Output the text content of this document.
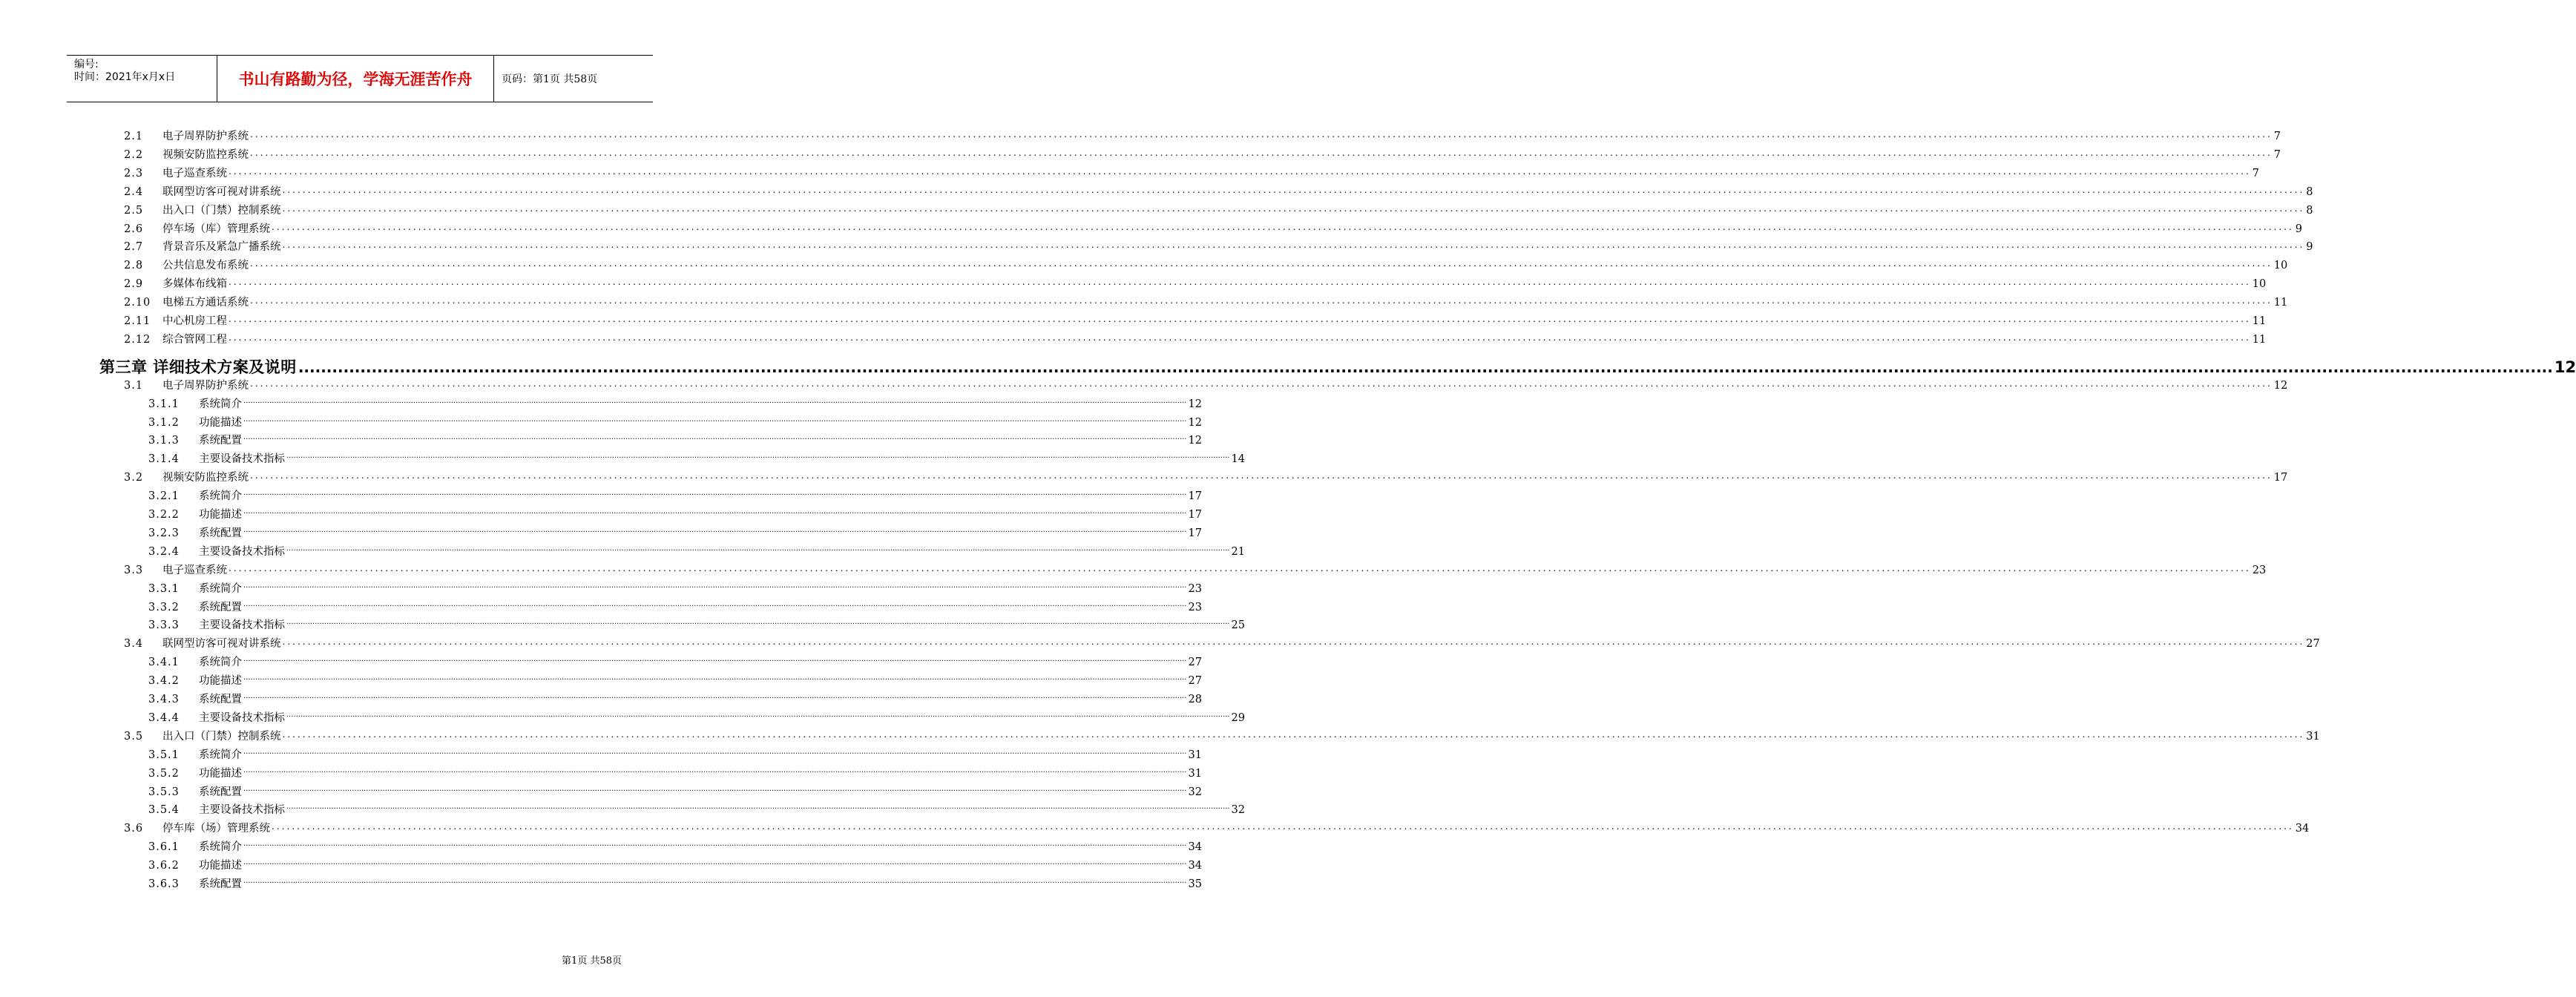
编号:
时间：2021年x月x日	书山有路勤为径，学海无涯苦作舟	页码：第1页 共58页
2.1	电子周界防护系统 ................................................................................................................................................................................................................................................................................................................................................................................................................ 7
2.2	视频安防监控系统 ................................................................................................................................................................................................................................................................................................................................................................................................................ 7
2.3	电子巡查系统 ................................................................................................................................................................................................................................................................................................................................................................................................................ 7
2.4	联网型访客可视对讲系统 ................................................................................................................................................................................................................................................................................................................................................................................................................ 8
2.5	出入口（门禁）控制系统 ................................................................................................................................................................................................................................................................................................................................................................................................................ 8
2.6	停车场（库）管理系统 ................................................................................................................................................................................................................................................................................................................................................................................................................ 9
2.7	背景音乐及紧急广播系统 ................................................................................................................................................................................................................................................................................................................................................................................................................ 9
2.8	公共信息发布系统 ................................................................................................................................................................................................................................................................................................................................................................................................................ 10
2.9	多媒体布线箱 ................................................................................................................................................................................................................................................................................................................................................................................................................ 10
2.10	电梯五方通话系统 ................................................................................................................................................................................................................................................................................................................................................................................................................ 11
2.11	中心机房工程 ................................................................................................................................................................................................................................................................................................................................................................................................................ 11
2.12	综合管网工程 ................................................................................................................................................................................................................................................................................................................................................................................................................ 11
第三章 详细技术方案及说明 ................................................................................................................................................................................................................................................................................................................................................................................................................ 12
3.1	电子周界防护系统 ................................................................................................................................................................................................................................................................................................................................................................................................................ 12
3.1.1	系统简介 ................................................................................................................................................................................................................................................................................................................................................................................................................ 12
3.1.2	功能描述 ................................................................................................................................................................................................................................................................................................................................................................................................................ 12
3.1.3	系统配置 ................................................................................................................................................................................................................................................................................................................................................................................................................ 12
3.1.4	主要设备技术指标 ................................................................................................................................................................................................................................................................................................................................................................................................................ 14
3.2	视频安防监控系统 ................................................................................................................................................................................................................................................................................................................................................................................................................ 17
3.2.1	系统简介 ................................................................................................................................................................................................................................................................................................................................................................................................................ 17
3.2.2	功能描述 ................................................................................................................................................................................................................................................................................................................................................................................................................ 17
3.2.3	系统配置 ................................................................................................................................................................................................................................................................................................................................................................................................................ 17
3.2.4	主要设备技术指标 ................................................................................................................................................................................................................................................................................................................................................................................................................ 21
3.3	电子巡查系统 ................................................................................................................................................................................................................................................................................................................................................................................................................ 23
3.3.1	系统简介 ................................................................................................................................................................................................................................................................................................................................................................................................................ 23
3.3.2	系统配置 ................................................................................................................................................................................................................................................................................................................................................................................................................ 23
3.3.3	主要设备技术指标 ................................................................................................................................................................................................................................................................................................................................................................................................................ 25
3.4	联网型访客可视对讲系统 ................................................................................................................................................................................................................................................................................................................................................................................................................ 27
3.4.1	系统简介 ................................................................................................................................................................................................................................................................................................................................................................................................................ 27
3.4.2	功能描述 ................................................................................................................................................................................................................................................................................................................................................................................................................ 27
3.4.3	系统配置 ................................................................................................................................................................................................................................................................................................................................................................................................................ 28
3.4.4	主要设备技术指标 ................................................................................................................................................................................................................................................................................................................................................................................................................ 29
3.5	出入口（门禁）控制系统 ................................................................................................................................................................................................................................................................................................................................................................................................................ 31
3.5.1	系统简介 ................................................................................................................................................................................................................................................................................................................................................................................................................ 31
3.5.2	功能描述 ................................................................................................................................................................................................................................................................................................................................................................................................................ 31
3.5.3	系统配置 ................................................................................................................................................................................................................................................................................................................................................................................................................ 32
3.5.4	主要设备技术指标 ................................................................................................................................................................................................................................................................................................................................................................................................................ 32
3.6	停车库（场）管理系统 ................................................................................................................................................................................................................................................................................................................................................................................................................ 34
3.6.1	系统简介 ................................................................................................................................................................................................................................................................................................................................................................................................................ 34
3.6.2	功能描述 ................................................................................................................................................................................................................................................................................................................................................................................................................ 34
3.6.3	系统配置 ................................................................................................................................................................................................................................................................................................................................................................................................................ 35
第1页 共58页
